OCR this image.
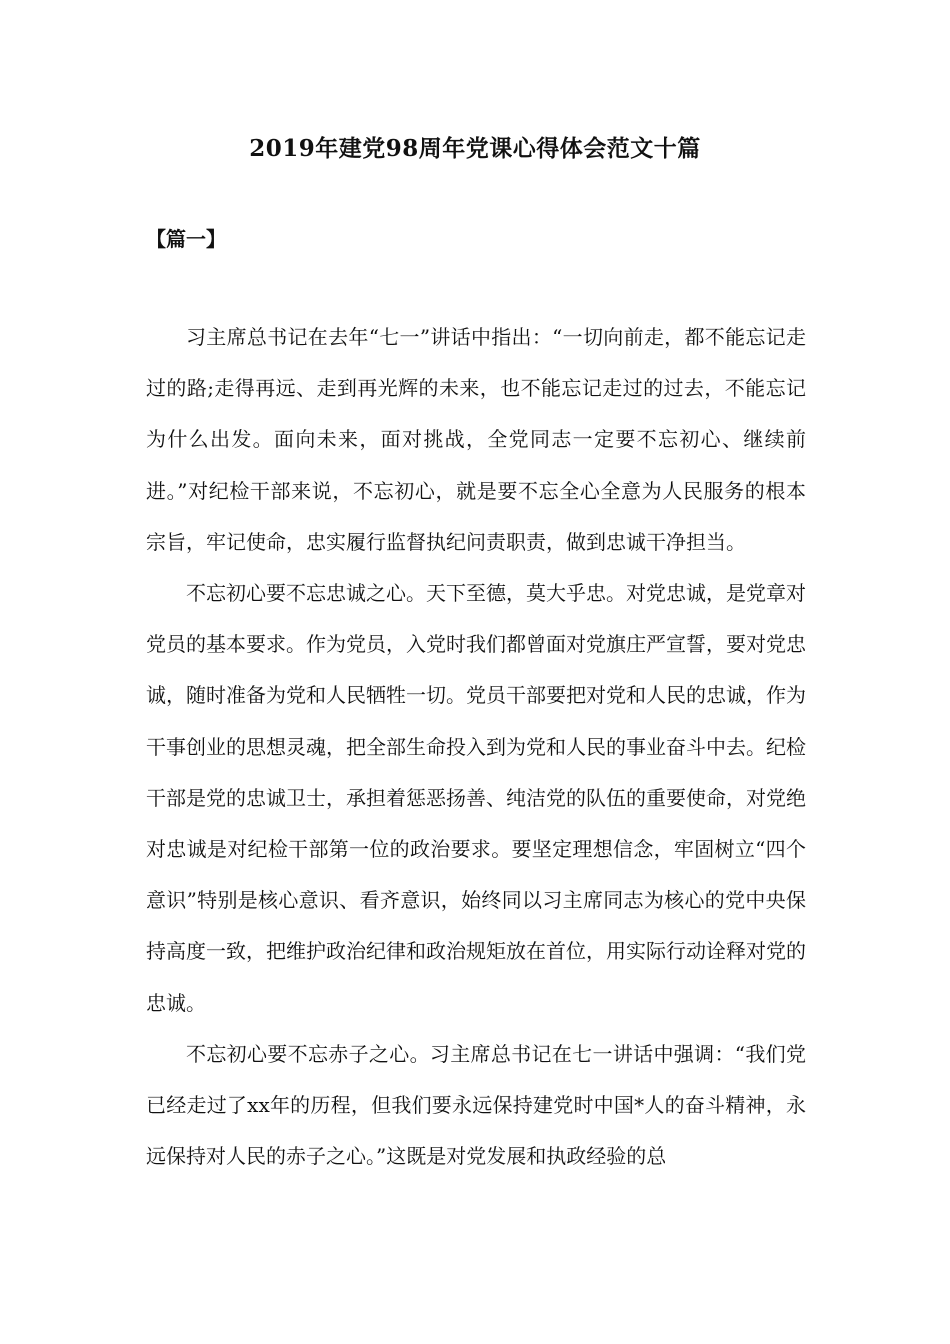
2019年建党98周年党课心得体会范文十篇
【篇一】

习主席总书记在去年“七一”讲话中指出：“一切向前走，都不能忘记走过的路;走得再远、走到再光辉的未来，也不能忘记走过的过去，不能忘记为什么出发。面向未来，面对挑战，全党同志一定要不忘初心、继续前进。”对纪检干部来说，不忘初心，就是要不忘全心全意为人民服务的根本宗旨，牢记使命，忠实履行监督执纪问责职责，做到忠诚干净担当。

不忘初心要不忘忠诚之心。天下至德，莫大乎忠。对党忠诚，是党章对党员的基本要求。作为党员，入党时我们都曾面对党旗庄严宣誓，要对党忠诚，随时准备为党和人民牺牲一切。党员干部要把对党和人民的忠诚，作为干事创业的思想灵魂，把全部生命投入到为党和人民的事业奋斗中去。纪检干部是党的忠诚卫士，承担着惩恶扬善、纯洁党的队伍的重要使命，对党绝对忠诚是对纪检干部第一位的政治要求。要坚定理想信念，牢固树立“四个意识”特别是核心意识、看齐意识，始终同以习主席同志为核心的党中央保持高度一致，把维护政治纪律和政治规矩放在首位，用实际行动诠释对党的忠诚。

不忘初心要不忘赤子之心。习主席总书记在七一讲话中强调：“我们党已经走过了xx年的历程，但我们要永远保持建党时中国*人的奋斗精神，永远保持对人民的赤子之心。”这既是对党发展和执政经验的总
